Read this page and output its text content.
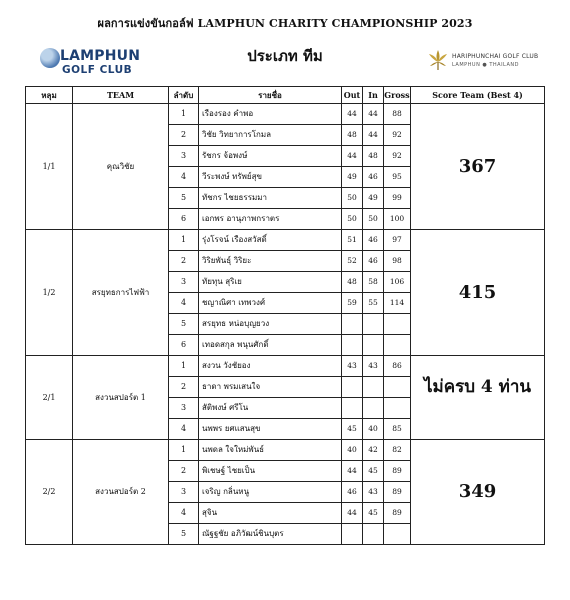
ผลการแข่งขันกอล์ฟ LAMPHUN CHARITY CHAMPIONSHIP 2023
ประเภท ทีม
LAMPHUN
GOLF CLUB
HARIPHUNCHAI GOLF CLUB
LAMPHUN ● THAILAND
หลุม	TEAM	ลำดับ	รายชื่อ	Out	In	Gross	Score Team (Best 4)
1/1	คุณวิชัย	1	เรืองรอง คำพอ	44	44	88	367
		2	วิชัย วิทยาการโกมล	48	44	92	
		3	รัชกร จ้อพงษ์	44	48	92	
		4	วีระพงษ์ ทรัพย์สุข	49	46	95	
		5	ทัชกร ไชยธรรมมา	50	49	99	
		6	เอกพร อานุภาพกราตร	50	50	100	
1/2	สรยุทธการไฟฟ้า	1	รุ่งโรจน์ เรืองสวัสดิ์	51	46	97	415
		2	วิริยพันธุ์ วิริยะ	52	46	98	
		3	ทัยทุน สุริเย	48	58	106	
		4	ชญาณิศา เทพวงศ์	59	55	114	
		5	สรยุทธ หน่อบุญยวง				
		6	เทอดสกุล พนุนศักดิ์				
2/1	สงวนสปอร์ต 1	1	สงวน วังชัยอง	43	43	86	ไม่ครบ 4 ท่าน
		2	ธาดา พรมเสนใจ				
		3	สัติพงษ์ ศรีโน				
		4	นพพร ยศแสนสุข	45	40	85	
2/2	สงวนสปอร์ต 2	1	นพดล ใจใหม่พันธ์	40	42	82	349
		2	พิเชษฐ์ ไชยเป็น	44	45	89	
		3	เจริญ กลิ่นหนู	46	43	89	
		4	สุจิน	44	45	89	
		5	ณัฐฐชัย อภิวัฒน์ชินบุตร				
